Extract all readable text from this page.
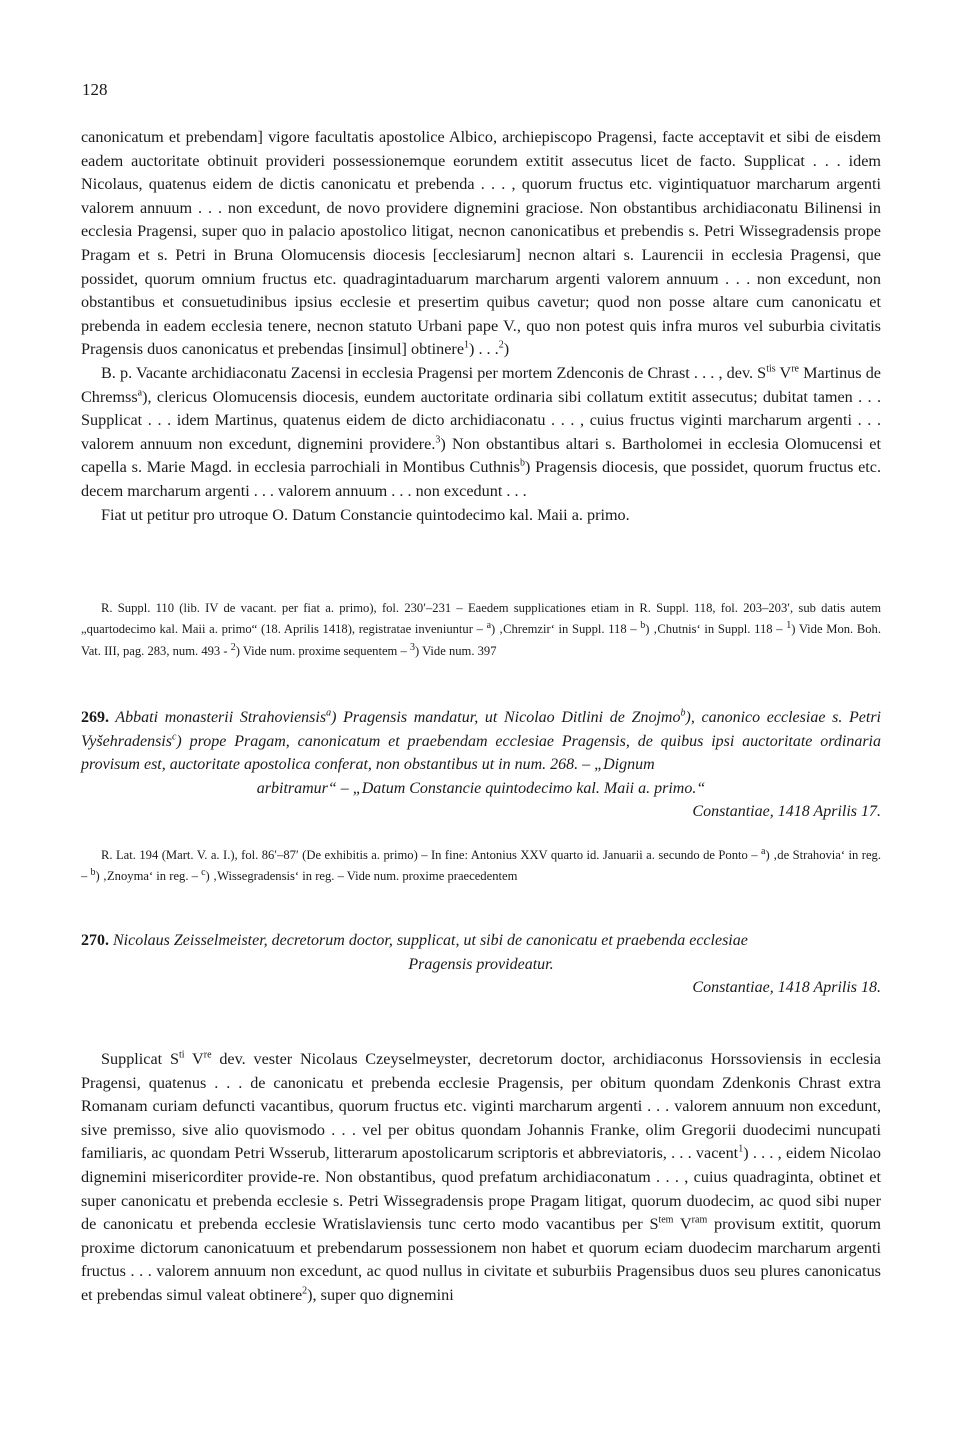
128

canonicatum et prebendam] vigore facultatis apostolice Albico, archiepiscopo Pragensi, facte acceptavit et sibi de eisdem eadem auctoritate obtinuit provideri possessionemque eorundem extitit assecutus licet de facto. Supplicat . . . idem Nicolaus, quatenus eidem de dictis canonicatu et prebenda . . . , quorum fructus etc. vigintiquatuor marcharum argenti valorem annuum . . . non excedunt, de novo providere dignemini graciose. Non obstantibus archidiaconatu Bilinensi in ecclesia Pragensi, super quo in palacio apostolico litigat, necnon canonicatibus et prebendis s. Petri Wissegradensis prope Pragam et s. Petri in Bruna Olomucensis diocesis [ecclesiarum] necnon altari s. Laurencii in ecclesia Pragensi, que possidet, quorum omnium fructus etc. quadragintaduarum marcharum argenti valorem annuum . . . non excedunt, non obstantibus et consuetudinibus ipsius ecclesie et presertim quibus cavetur; quod non posse altare cum canonicatu et prebenda in eadem ecclesia tenere, necnon statuto Urbani pape V., quo non potest quis infra muros vel suburbia civitatis Pragensis duos canonicatus et prebendas [insimul] obtinere$^1$) . . .$^2$)

B. p. Vacante archidiaconatu Zacensi in ecclesia Pragensi per mortem Zdenconis de Chrast . . . , dev. $S^{tis}$ Vre Martinus de Chremss$^a$), clericus Olomucensis diocesis, eundem auctoritate ordinaria sibi collatum extitit assecutus; dubitat tamen . . . Supplicat . . . idem Martinus, quatenus eidem de dicto archidiaconatu . . . , cuius fructus viginti marcharum argenti . . . valorem annuum non excedunt, dignemini providere.$^3$) Non obstantibus altari s. Bartholomei in ecclesia Olomucensi et capella s. Marie Magd. in ecclesia parrochiali in Montibus Cuthnis$^b$) Pragensis diocesis, que possidet, quorum fructus etc. decem marcharum argenti . . . valorem annuum . . . non excedunt . . .

Fiat ut petitur pro utroque O. Datum Constancie quintodecimo kal. Maii a. primo.

R. Suppl. 110 (lib. IV de vacant. per fiat a. primo), fol. 230′–231 – Eaedem supplicationes etiam in R. Suppl. 118, fol. 203–203′, sub datis autem „quartodecimo kal. Maii a. primo“ (18. Aprilis 1418), registratae inveniuntur – $^a$) ‚Chremzir‘ in Suppl. 118 – $^b$) ‚Chutnis‘ in Suppl. 118 – $^1$) Vide Mon. Boh. Vat. III, pag. 283, num. 493 - $^2$) Vide num. proxime sequentem – $^3$) Vide num. 397

269. Abbati monasterii Strahoviensis$^a$) Pragensis mandatur, ut Nicolao Ditlini de Znojmo$^b$), canonico ecclesiae s. Petri Vyšehradensis$^c$) prope Pragam, canonicatum et praebendam ecclesiae Pragensis, de quibus ipsi auctoritate ordinaria provisum est, auctoritate apostolica conferat, non obstantibus ut in num. 268. – „Dignum

arbitramur“ – „Datum Constancie quintodecimo kal. Maii a. primo.“

Constantiae, 1418 Aprilis 17.

R. Lat. 194 (Mart. V. a. I.), fol. 86′–87′ (De exhibitis a. primo) – In fine: Antonius XXV quarto id. Januarii a. secundo de Ponto – $^a$) ‚de Strahovia‘ in reg. – $^b$) ‚Znoyma‘ in reg. – $^c$) ‚Wissegradensis‘ in reg. – Vide num. proxime praecedentem

270. Nicolaus Zeisselmeister, decretorum doctor, supplicat, ut sibi de canonicatu et praebenda ecclesiae

Pragensis provideatur.

Constantiae, 1418 Aprilis 18.

Supplicat $S^{ti}$ Vre dev. vester Nicolaus Czeyselmeyster, decretorum doctor, archidiaconus Horssoviensis in ecclesia Pragensi, quatenus . . . de canonicatu et prebenda ecclesie Pragensis, per obitum quondam Zdenkonis Chrast extra Romanam curiam defuncti vacantibus, quorum fructus etc. viginti marcharum argenti . . . valorem annuum non excedunt, sive premisso, sive alio quovismodo . . . vel per obitus quondam Johannis Franke, olim Gregorii duodecimi nuncupati familiaris, ac quondam Petri Wsserub, litterarum apostolicarum scriptoris et abbreviatoris, . . . vacent$^1$) . . . , eidem Nicolao dignemini misericorditer provide-re. Non obstantibus, quod prefatum archidiaconatum . . . , cuius quadraginta, obtinet et super canonicatu et prebenda ecclesie s. Petri Wissegradensis prope Pragam litigat, quorum duodecim, ac quod sibi nuper de canonicatu et prebenda ecclesie Wratislaviensis tunc certo modo vacantibus per $S^{tem}$ $V^{ram}$ provisum extitit, quorum proxime dictorum canonicatuum et prebendarum possessionem non habet et quorum eciam duodecim marcharum argenti fructus . . . valorem annuum non excedunt, ac quod nullus in civitate et suburbiis Pragensibus duos seu plures canonicatus et prebendas simul valeat obtinere$^2$), super quo dignemini
